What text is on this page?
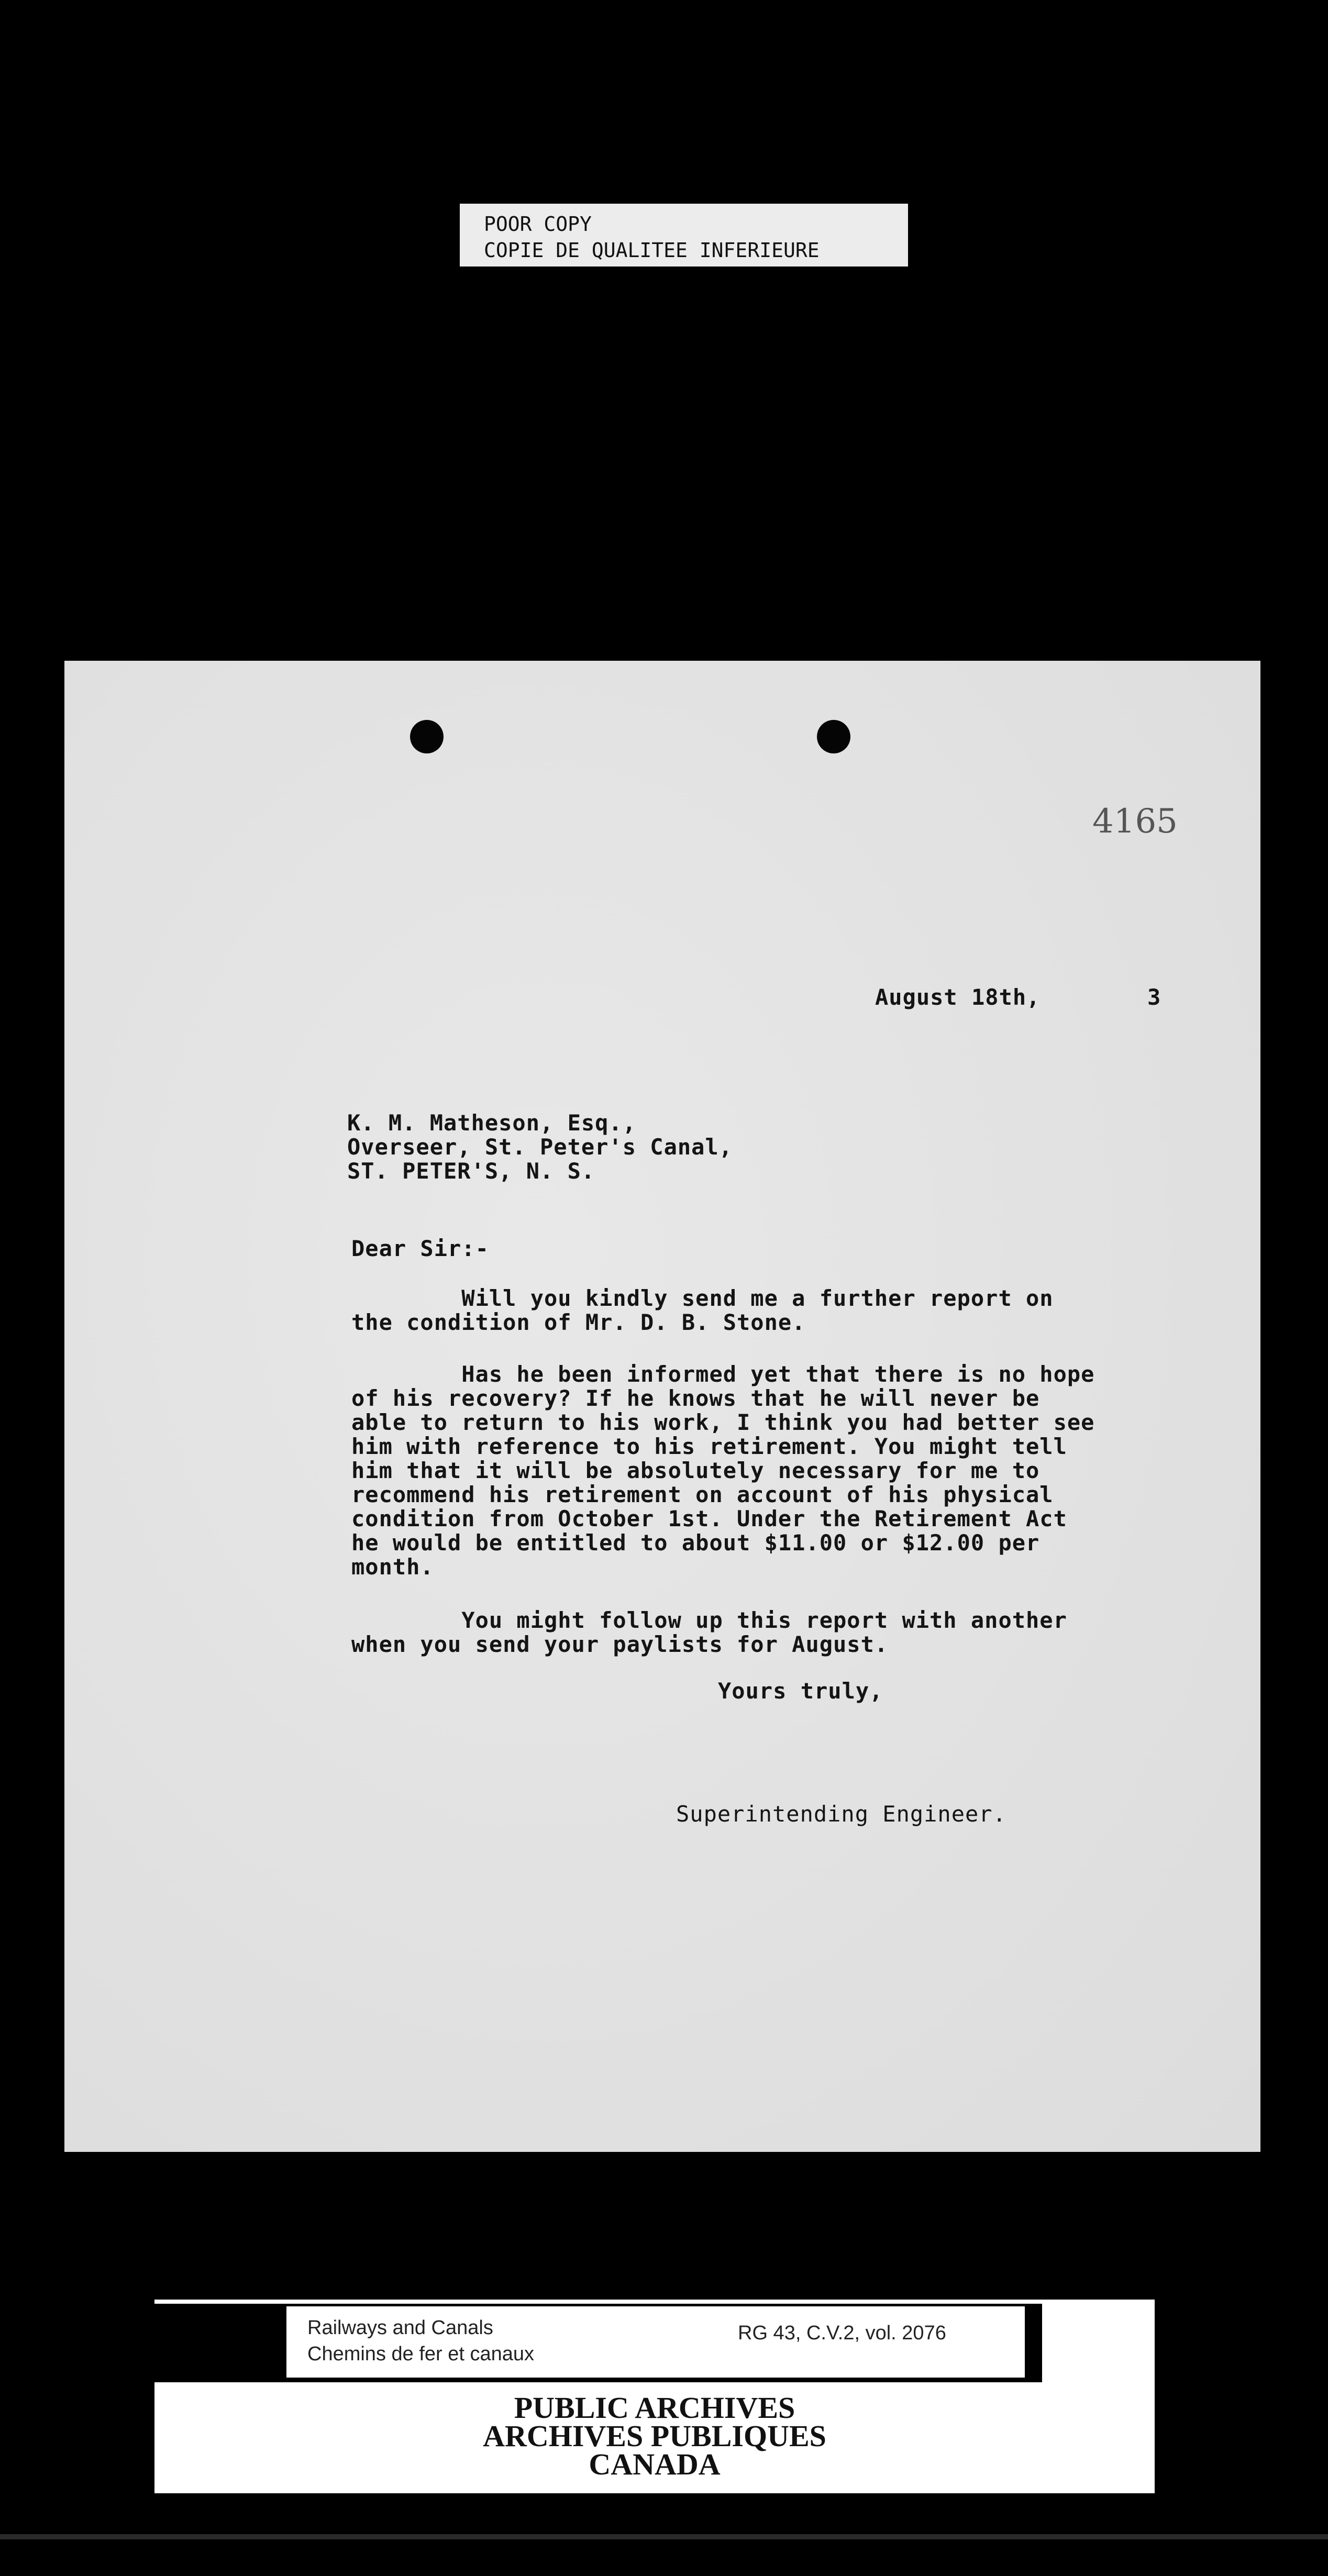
POOR COPY
COPIE DE QUALITEE INFERIEURE
4165
August 18th,	3
K. M. Matheson, Esq.,
Overseer, St. Peter's Canal,
ST. PETER'S, N. S.
Dear Sir:-
Will you kindly send me a further report on
the condition of Mr. D. B. Stone.
Has he been informed yet that there is no hope
of his recovery? If he knows that he will never be
able to return to his work, I think you had better see
him with reference to his retirement. You might tell
him that it will be absolutely necessary for me to
recommend his retirement on account of his physical
condition from October 1st. Under the Retirement Act
he would be entitled to about $11.00 or $12.00 per
month.
You might follow up this report with another
when you send your paylists for August.
Yours truly,
Superintending Engineer.
Railways and Canals
Chemins de fer et canaux
RG 43, C.V.2, vol. 2076
PUBLIC ARCHIVES
ARCHIVES PUBLIQUES
CANADA
